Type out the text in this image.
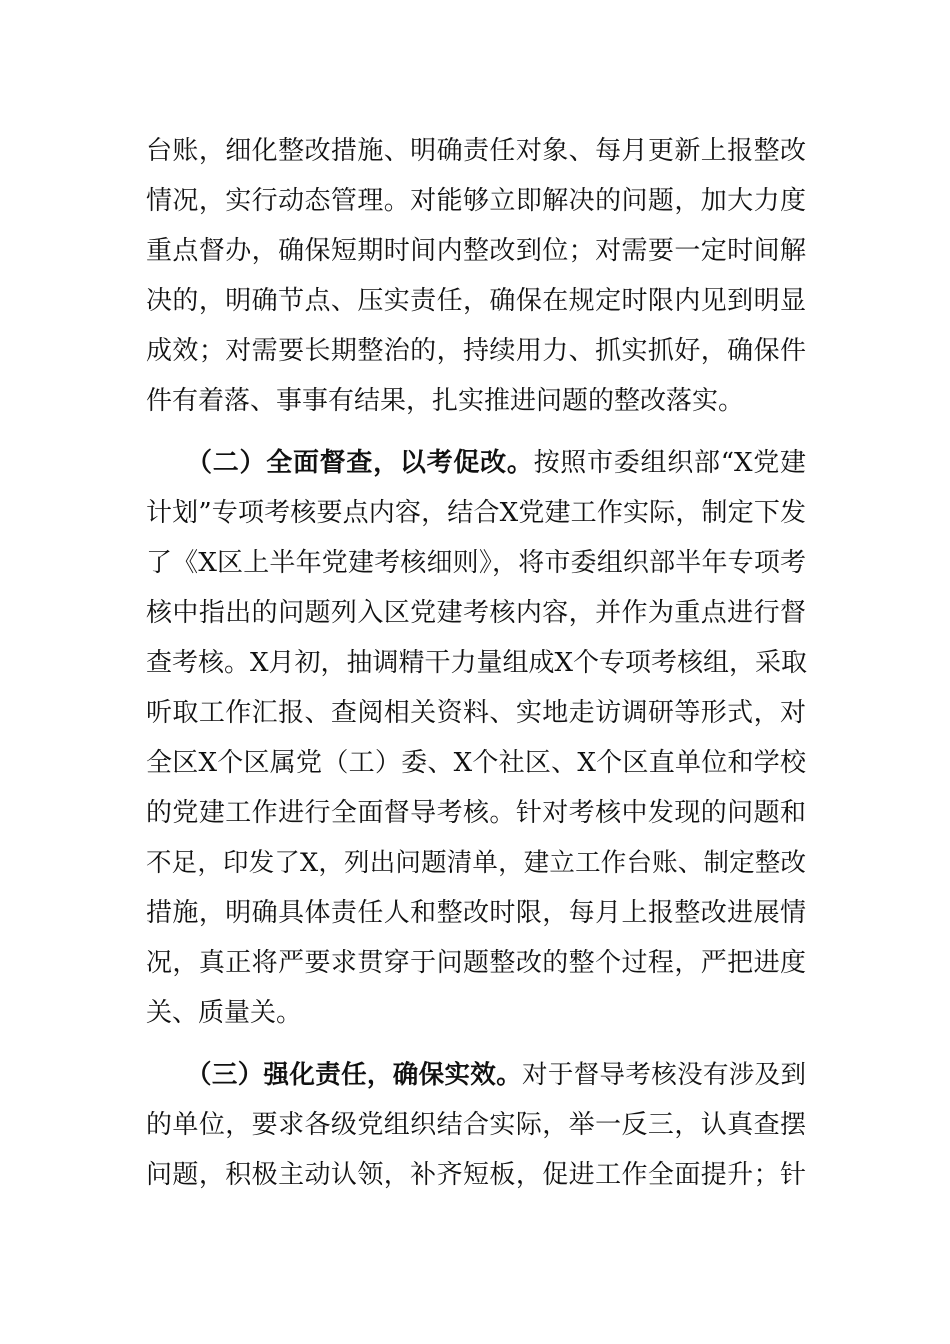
台账，细化整改措施、明确责任对象、每月更新上报整改
情况，实行动态管理。对能够立即解决的问题，加大力度
重点督办，确保短期时间内整改到位；对需要一定时间解
决的，明确节点、压实责任，确保在规定时限内见到明显
成效；对需要长期整治的，持续用力、抓实抓好，确保件
件有着落、事事有结果，扎实推进问题的整改落实。
（二）全面督查，以考促改。按照市委组织部“X党建
计划”专项考核要点内容，结合X党建工作实际，制定下发
了《X区上半年党建考核细则》，将市委组织部半年专项考
核中指出的问题列入区党建考核内容，并作为重点进行督
查考核。X月初，抽调精干力量组成X个专项考核组，采取
听取工作汇报、查阅相关资料、实地走访调研等形式，对
全区X个区属党（工）委、X个社区、X个区直单位和学校
的党建工作进行全面督导考核。针对考核中发现的问题和
不足，印发了X，列出问题清单，建立工作台账、制定整改
措施，明确具体责任人和整改时限，每月上报整改进展情
况，真正将严要求贯穿于问题整改的整个过程，严把进度
关、质量关。
（三）强化责任，确保实效。对于督导考核没有涉及到
的单位，要求各级党组织结合实际，举一反三，认真查摆
问题，积极主动认领，补齐短板，促进工作全面提升；针
